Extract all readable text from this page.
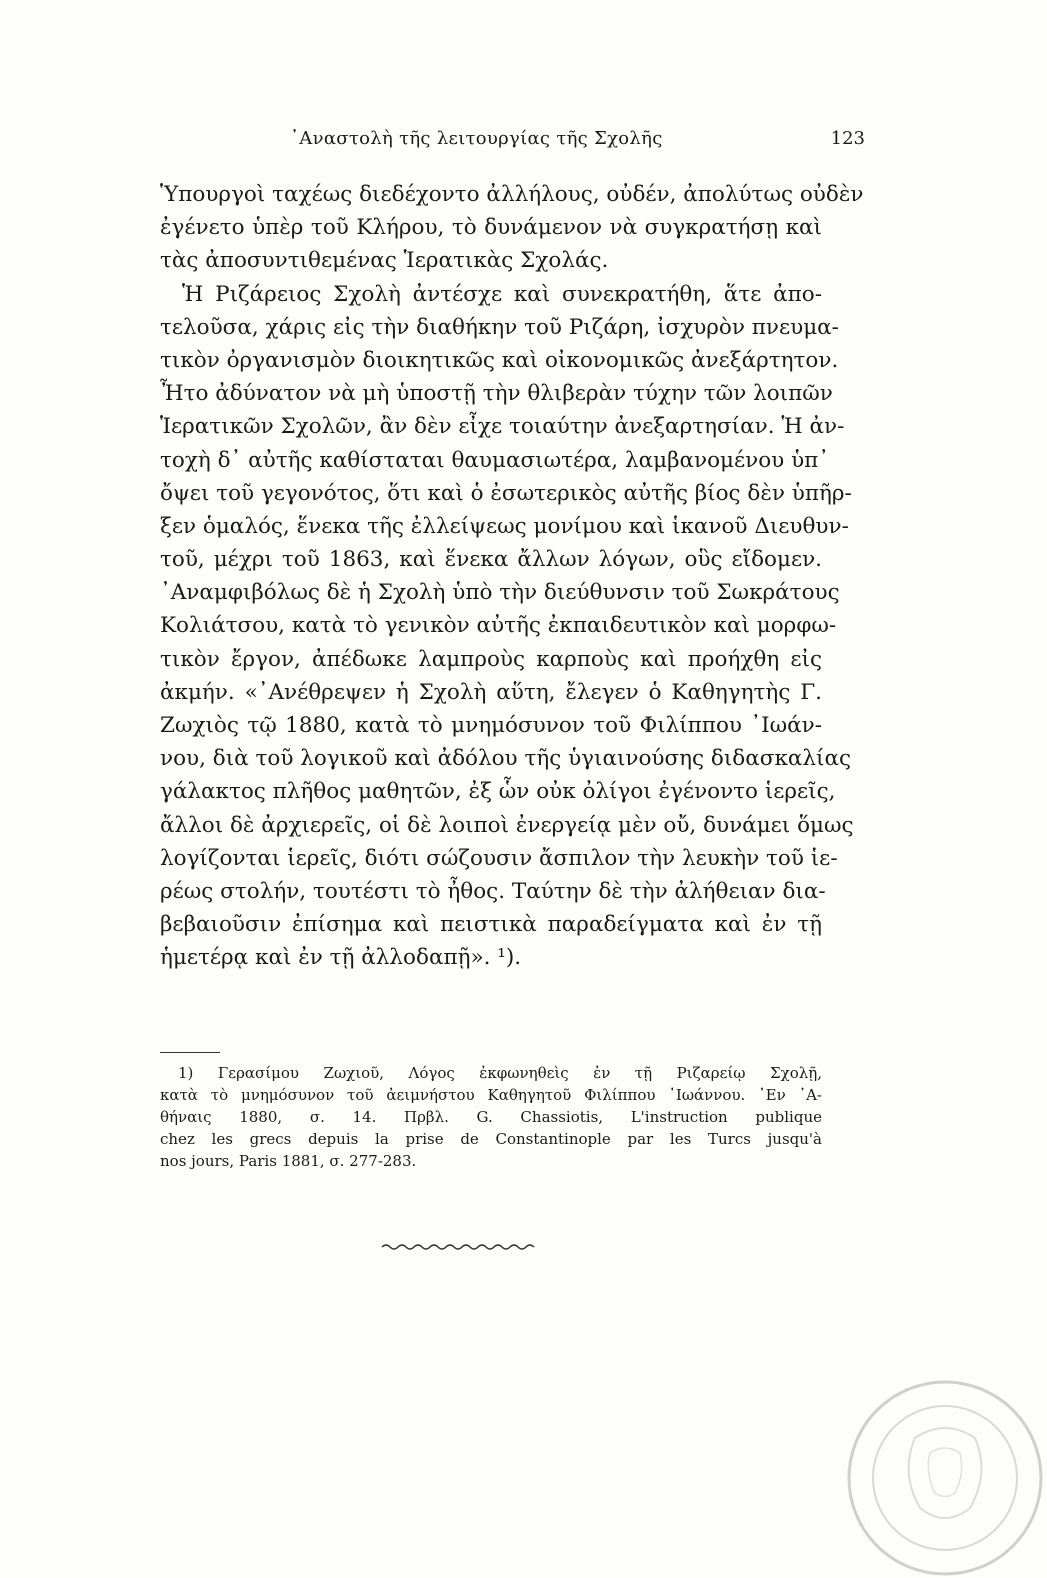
᾿Αναστολὴ τῆς λειτουργίας τῆς Σχολῆς	123
Ὑπουργοὶ ταχέως διεδέχοντο ἀλλήλους, οὐδέν, ἀπολύτως οὐδὲν
ἐγένετο ὑπὲρ τοῦ Κλήρου, τὸ δυνάμενον νὰ συγκρατήσῃ καὶ
τὰς ἀποσυντιθεμένας Ἱερατικὰς Σχολάς.
Ἡ Ριζάρειος Σχολὴ ἀντέσχε καὶ συνεκρατήθη, ἅτε ἀπο-
τελοῦσα, χάρις εἰς τὴν διαθήκην τοῦ Ριζάρη, ἰσχυρὸν πνευμα-
τικὸν ὀργανισμὸν διοικητικῶς καὶ οἰκονομικῶς ἀνεξάρτητον.
Ἦτο ἀδύνατον νὰ μὴ ὑποστῇ τὴν θλιβερὰν τύχην τῶν λοιπῶν
Ἱερατικῶν Σχολῶν, ἂν δὲν εἶχε τοιαύτην ἀνεξαρτησίαν. Ἡ ἀν-
τοχὴ δ᾿ αὐτῆς καθίσταται θαυμασιωτέρα, λαμβανομένου ὑπ᾿
ὄψει τοῦ γεγονότος, ὅτι καὶ ὁ ἐσωτερικὸς αὐτῆς βίος δὲν ὑπῆρ-
ξεν ὁμαλός, ἕνεκα τῆς ἐλλείψεως μονίμου καὶ ἱκανοῦ Διευθυν-
τοῦ, μέχρι τοῦ 1863, καὶ ἕνεκα ἄλλων λόγων, οὓς εἴδομεν.
᾿Αναμφιβόλως δὲ ἡ Σχολὴ ὑπὸ τὴν διεύθυνσιν τοῦ Σωκράτους
Κολιάτσου, κατὰ τὸ γενικὸν αὐτῆς ἐκπαιδευτικὸν καὶ μορφω-
τικὸν ἔργον, ἀπέδωκε λαμπροὺς καρποὺς καὶ προήχθη εἰς
ἀκμήν. «᾿Ανέθρεψεν ἡ Σχολὴ αὕτη, ἔλεγεν ὁ Καθηγητὴς Γ.
Ζωχιὸς τῷ 1880, κατὰ τὸ μνημόσυνον τοῦ Φιλίππου ᾿Ιωάν-
νου, διὰ τοῦ λογικοῦ καὶ ἀδόλου τῆς ὑγιαινούσης διδασκαλίας
γάλακτος πλῆθος μαθητῶν, ἐξ ὧν οὐκ ὀλίγοι ἐγένοντο ἱερεῖς,
ἄλλοι δὲ ἀρχιερεῖς, οἱ δὲ λοιποὶ ἐνεργείᾳ μὲν οὔ, δυνάμει ὅμως
λογίζονται ἱερεῖς, διότι σώζουσιν ἄσπιλον τὴν λευκὴν τοῦ ἱε-
ρέως στολήν, τουτέστι τὸ ἦθος. Ταύτην δὲ τὴν ἀλήθειαν δια-
βεβαιοῦσιν ἐπίσημα καὶ πειστικὰ παραδείγματα καὶ ἐν τῇ
ἡμετέρᾳ καὶ ἐν τῇ ἀλλοδαπῇ». ¹).
1) Γερασίμου Ζωχιοῦ, Λόγος ἐκφωνηθεὶς ἐν τῇ Ριζαρείῳ Σχολῇ,
κατὰ τὸ μνημόσυνον τοῦ ἀειμνήστου Καθηγητοῦ Φιλίππου ᾿Ιωάννου. ᾿Εν ᾿Α-
θήναις 1880, σ. 14. Πρβλ. G. Chassiotis, L'instruction publique
chez les grecs depuis la prise de Constantinople par les Turcs jusqu'à
nos jours, Paris 1881, σ. 277-283.
